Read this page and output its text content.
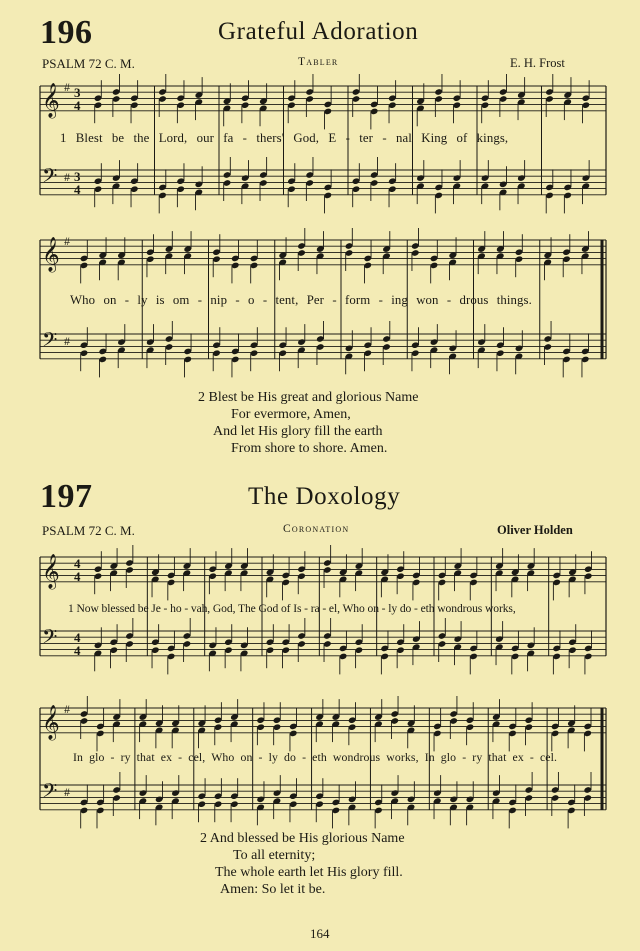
196	Grateful Adoration
PSALM 72 C. M.	Tabler	E. H. Frost
1 Blest be the Lord, our fa - thers' God, E - ter - nal King of kings,
Who on - ly is om - nip - o - tent, Per - form - ing won - drous things.
2 Blest be His great and glorious Name
For evermore, Amen,
And let His glory fill the earth
From shore to shore. Amen.
197	The Doxology
PSALM 72 C. M.	Coronation	Oliver Holden
1 Now blessed be Je - ho - vah, God, The God of Is - ra - el, Who on - ly do - eth wondrous works,
In glo - ry that ex - cel, Who on - ly do - eth wondrous works, In glo - ry that ex - cel.
2 And blessed be His glorious Name
To all eternity;
The whole earth let His glory fill.
Amen: So let it be.
164
𝄞
𝄢
#
#
3
4
3
4
𝄞
𝄢
#
#
𝄞
𝄢
4
4
4
4
𝄞
𝄢
#
#
